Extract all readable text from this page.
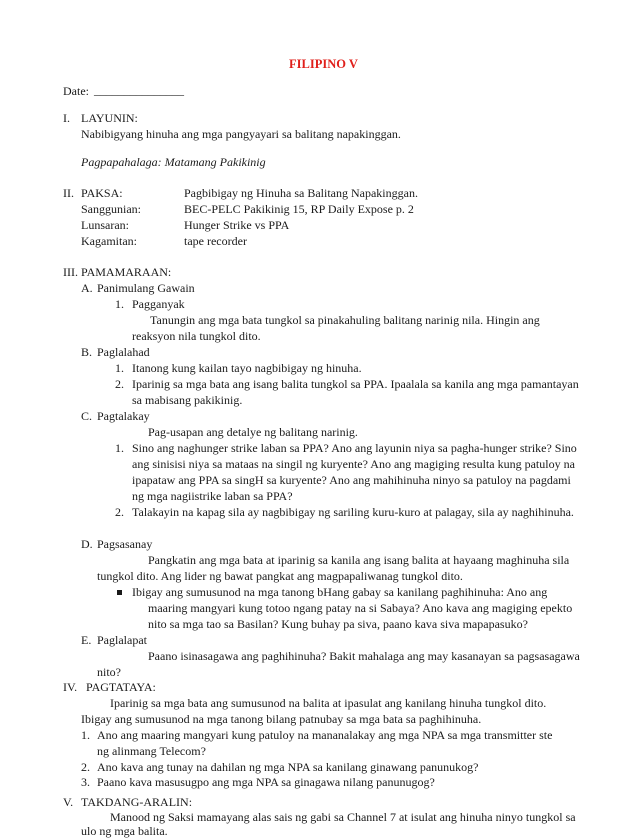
FILIPINO V
Date: _______________
I. LAYUNIN:
Nabibigyang hinuha ang mga pangyayari sa balitang napakinggan.
Pagpapahalaga: Matamang Pakikinig
II. PAKSA:	Pagbibigay ng Hinuha sa Balitang Napakinggan.
Sanggunian:	BEC-PELC Pakikinig 15, RP Daily Expose p. 2
Lunsaran:	Hunger Strike vs PPA
Kagamitan:	tape recorder
III. PAMAMARAAN:
A. Panimulang Gawain
1. Pagganyak
Tanungin ang mga bata tungkol sa pinakahuling balitang narinig nila. Hingin ang
reaksyon nila tungkol dito.
B. Paglalahad
1. Itanong kung kailan tayo nagbibigay ng hinuha.
2. Iparinig sa mga bata ang isang balita tungkol sa PPA. Ipaalala sa kanila ang mga pamantayan
sa mabisang pakikinig.
C. Pagtalakay
Pag-usapan ang detalye ng balitang narinig.
1. Sino ang naghunger strike laban sa PPA? Ano ang layunin niya sa pagha-hunger strike? Sino
ang sinisisi niya sa mataas na singil ng kuryente? Ano ang magiging resulta kung patuloy na
ipapataw ang PPA sa singH sa kuryente? Ano ang mahihinuha ninyo sa patuloy na pagdami
ng mga nagiistrike laban sa PPA?
2. Talakayin na kapag sila ay nagbibigay ng sariling kuru-kuro at palagay, sila ay naghihinuha.
D. Pagsasanay
Pangkatin ang mga bata at iparinig sa kanila ang isang balita at hayaang maghinuha sila
tungkol dito. Ang lider ng bawat pangkat ang magpapaliwanag tungkol dito.
Ibigay ang sumusunod na mga tanong bHang gabay sa kanilang paghihinuha: Ano ang
maaring mangyari kung totoo ngang patay na si Sabaya? Ano kava ang magiging epekto
nito sa mga tao sa Basilan? Kung buhay pa siva, paano kava siva mapapasuko?
E. Paglalapat
Paano isinasagawa ang paghihinuha? Bakit mahalaga ang may kasanayan sa pagsasagawa
nito?
IV. PAGTATAYA:
Iparinig sa mga bata ang sumusunod na balita at ipasulat ang kanilang hinuha tungkol dito.
Ibigay ang sumusunod na mga tanong bilang patnubay sa mga bata sa paghihinuha.
1. Ano ang maaring mangyari kung patuloy na mananalakay ang mga NPA sa mga transmitter ste
ng alinmang Telecom?
2. Ano kava ang tunay na dahilan ng mga NPA sa kanilang ginawang panunukog?
3. Paano kava masusugpo ang mga NPA sa ginagawa nilang panunugog?
V. TAKDANG-ARALIN:
Manood ng Saksi mamayang alas sais ng gabi sa Channel 7 at isulat ang hinuha ninyo tungkol sa
ulo ng mga balita.
